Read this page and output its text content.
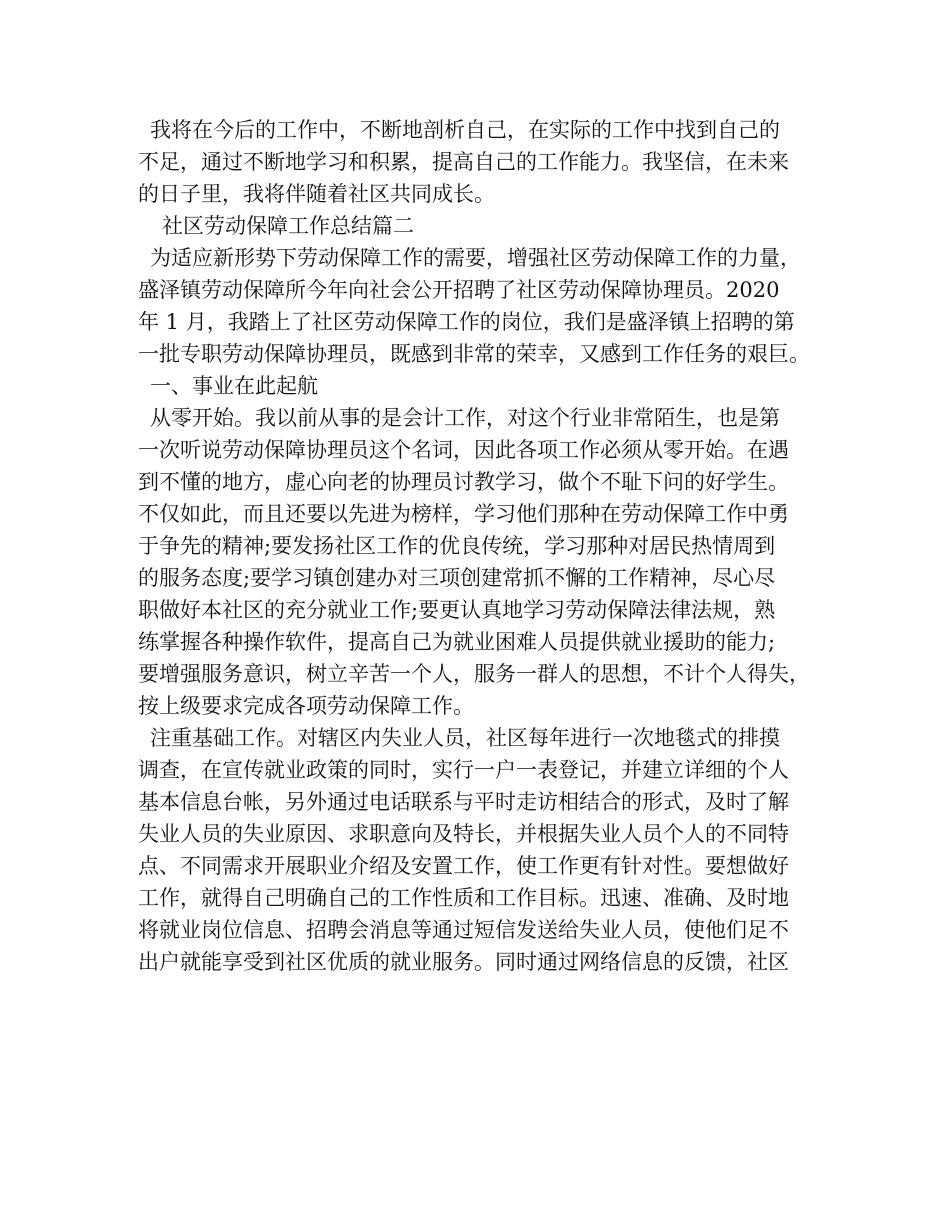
我将在今后的工作中，不断地剖析自己，在实际的工作中找到自己的
不足，通过不断地学习和积累，提高自己的工作能力。我坚信，在未来
的日子里，我将伴随着社区共同成长。
社区劳动保障工作总结篇二
为适应新形势下劳动保障工作的需要，增强社区劳动保障工作的力量，
盛泽镇劳动保障所今年向社会公开招聘了社区劳动保障协理员。2020
年 1 月，我踏上了社区劳动保障工作的岗位，我们是盛泽镇上招聘的第
一批专职劳动保障协理员，既感到非常的荣幸，又感到工作任务的艰巨。
一、事业在此起航
从零开始。我以前从事的是会计工作，对这个行业非常陌生，也是第
一次听说劳动保障协理员这个名词，因此各项工作必须从零开始。在遇
到不懂的地方，虚心向老的协理员讨教学习，做个不耻下问的好学生。
不仅如此，而且还要以先进为榜样，学习他们那种在劳动保障工作中勇
于争先的精神;要发扬社区工作的优良传统，学习那种对居民热情周到
的服务态度;要学习镇创建办对三项创建常抓不懈的工作精神，尽心尽
职做好本社区的充分就业工作;要更认真地学习劳动保障法律法规，熟
练掌握各种操作软件，提高自己为就业困难人员提供就业援助的能力;
要增强服务意识，树立辛苦一个人，服务一群人的思想，不计个人得失，
按上级要求完成各项劳动保障工作。
注重基础工作。对辖区内失业人员，社区每年进行一次地毯式的排摸
调查，在宣传就业政策的同时，实行一户一表登记，并建立详细的个人
基本信息台帐，另外通过电话联系与平时走访相结合的形式，及时了解
失业人员的失业原因、求职意向及特长，并根据失业人员个人的不同特
点、不同需求开展职业介绍及安置工作，使工作更有针对性。要想做好
工作，就得自己明确自己的工作性质和工作目标。迅速、准确、及时地
将就业岗位信息、招聘会消息等通过短信发送给失业人员，使他们足不
出户就能享受到社区优质的就业服务。同时通过网络信息的反馈，社区
